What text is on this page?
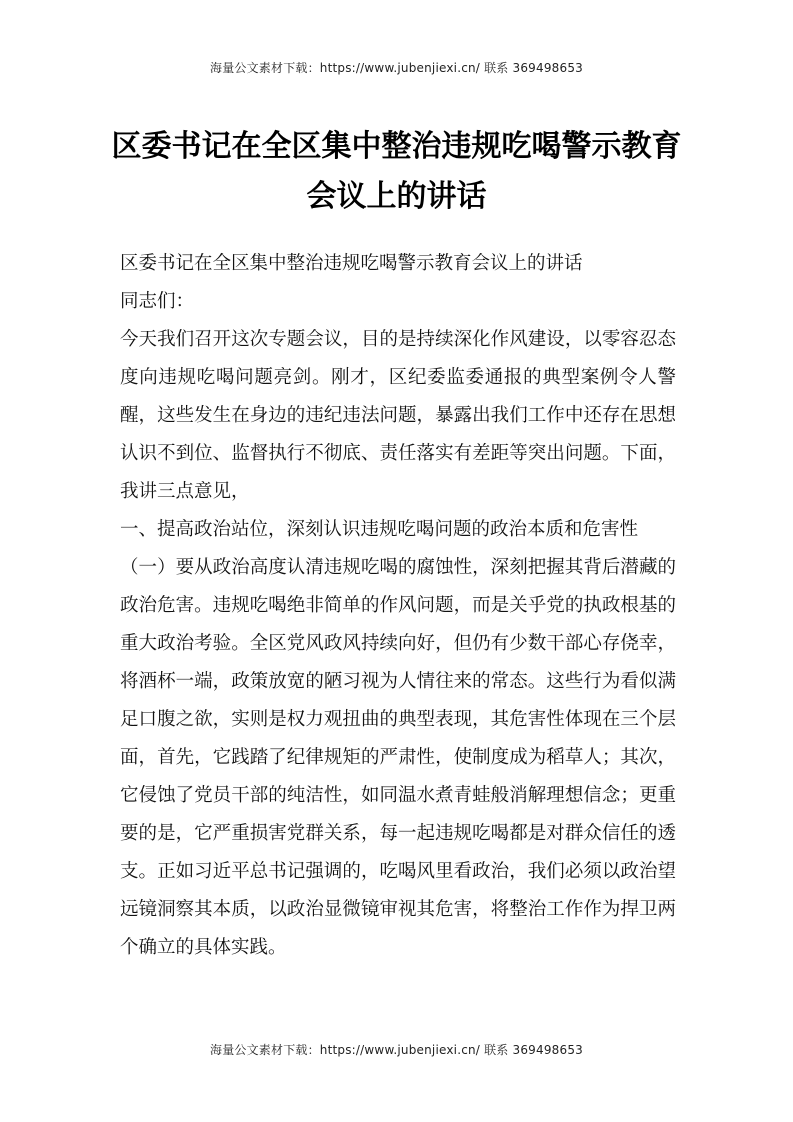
海量公文素材下载：https://www.jubenjiexi.cn/ 联系 369498653
区委书记在全区集中整治违规吃喝警示教育会议上的讲话

区委书记在全区集中整治违规吃喝警示教育会议上的讲话

同志们：

今天我们召开这次专题会议，目的是持续深化作风建设，以零容忍态度向违规吃喝问题亮剑。刚才，区纪委监委通报的典型案例令人警醒，这些发生在身边的违纪违法问题，暴露出我们工作中还存在思想认识不到位、监督执行不彻底、责任落实有差距等突出问题。下面，我讲三点意见，

一、提高政治站位，深刻认识违规吃喝问题的政治本质和危害性

（一）要从政治高度认清违规吃喝的腐蚀性，深刻把握其背后潜藏的政治危害。违规吃喝绝非简单的作风问题，而是关乎党的执政根基的重大政治考验。全区党风政风持续向好，但仍有少数干部心存侥幸，将酒杯一端，政策放宽的陋习视为人情往来的常态。这些行为看似满足口腹之欲，实则是权力观扭曲的典型表现，其危害性体现在三个层面，首先，它践踏了纪律规矩的严肃性，使制度成为稻草人；其次，它侵蚀了党员干部的纯洁性，如同温水煮青蛙般消解理想信念；更重要的是，它严重损害党群关系，每一起违规吃喝都是对群众信任的透支。正如习近平总书记强调的，吃喝风里看政治，我们必须以政治望远镜洞察其本质，以政治显微镜审视其危害，将整治工作作为捍卫两个确立的具体实践。

海量公文素材下载：https://www.jubenjiexi.cn/ 联系 369498653
